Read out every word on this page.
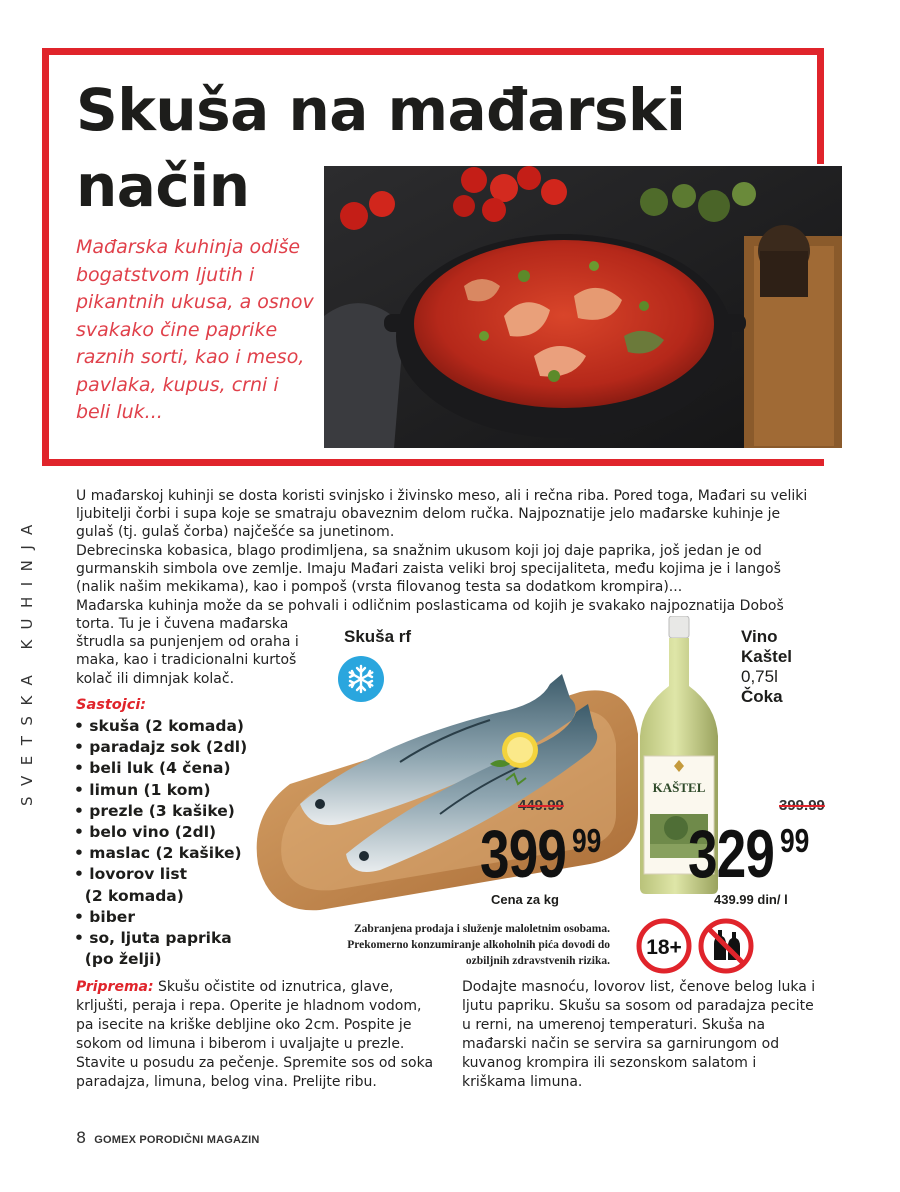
Skuša na mađarski način

Mađarska kuhinja odiše bogatstvom ljutih i pikantnih ukusa, a osnov svakako čine paprike raznih sorti, kao i meso, pavlaka, kupus, crni i beli luk...

SVETSKA KUHINJA

U mađarskoj kuhinji se dosta koristi svinjsko i živinsko meso, ali i rečna riba. Pored toga, Mađari su veliki ljubitelji čorbi i supa koje se smatraju obaveznim delom ručka. Najpoznatije jelo mađarske kuhinje je gulaš (tj. gulaš čorba) najčešće sa junetinom.

Debrecinska kobasica, blago prodimljena, sa snažnim ukusom koji joj daje paprika, još jedan je od gurmanskih simbola ove zemlje. Imaju Mađari zaista veliki broj specijaliteta, među kojima je i langoš (nalik našim mekikama), kao i pompoš (vrsta filovanog testa sa dodatkom krompira)...

Mađarska kuhinja može da se pohvali i odličnim poslasticama od kojih je svakako najpoznatija Doboš

torta. Tu je i čuvena mađarska štrudla sa punjenjem od oraha i maka, kao i tradicionalni kurtoš kolač ili dimnjak kolač.

Sastojci:
• skuša (2 komada)
• paradajz sok (2dl)
• beli luk (4 čena)
• limun (1 kom)
• prezle (3 kašike)
• belo vino (2dl)
• maslac (2 kašike)
• lovorov list
(2 komada)
• biber
• so, ljuta paprika
(po želji)

Priprema: Skušu očistite od iznutrica, glave, krljušti, peraja i repa. Operite je hladnom vodom, pa isecite na kriške debljine oko 2cm. Pospite je sokom od limuna i biberom i uvaljajte u prezle. Stavite u posudu za pečenje. Spremite sos od soka paradajza, limuna, belog vina. Prelijte ribu.

Dodajte masnoću, lovorov list, čenove belog luka i ljutu papriku. Skušu sa sosom od paradajza pecite u rerni, na umerenoj temperaturi. Skuša na mađarski način se servira sa garnirungom od kuvanog krompira ili sezonskom salatom i kriškama limuna.

Skuša rf
449.99
399 99
Cena za kg
Vino Kaštel
0,75l
Čoka
KAŠTEL
399.99
329 99
439.99 din/ l

Zabranjena prodaja i služenje maloletnim osobama. Prekomerno konzumiranje alkoholnih pića dovodi do ozbiljnih zdravstvenih rizika.

18+
8 GOMEX PORODIČNI MAGAZIN
